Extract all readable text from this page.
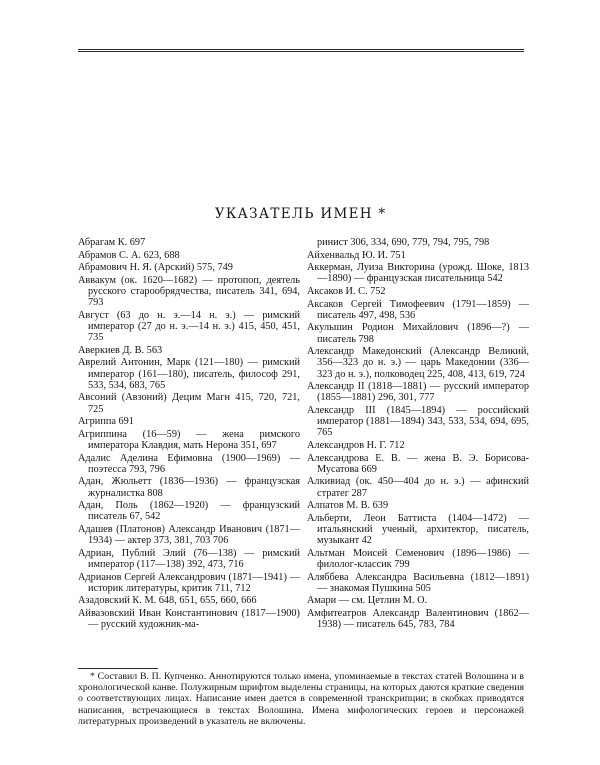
УКАЗАТЕЛЬ ИМЕН *
Абрагам К. 697
Абрамов С. А. 623, 688
Абрамович Н. Я. (Арский) 575, 749
Аввакум (ок. 1620—1682) — протопоп, деятель русского старообрядчества, писатель 341, 694, 793
Август (63 до н. э.—14 н. э.) — римский император (27 до н. э.—14 н. э.) 415, 450, 451, 735
Аверкиев Д. В. 563
Аврелий Антонин, Марк (121—180) — римский император (161—180), писатель, философ 291, 533, 534, 683, 765
Авсоний (Авзоний) Децим Магн 415, 720, 721, 725
Агриппа 691
Агриппина (16—59) — жена римского императора Клавдия, мать Нерона 351, 697
Адалис Аделина Ефимовна (1900—1969) — поэтесса 793, 796
Адан, Жюльетт (1836—1936) — французская журналистка 808
Адан, Поль (1862—1920) — французский писатель 67, 542
Адашев (Платонов) Александр Иванович (1871—1934) — актер 373, 381, 703 706
Адриан, Публий Элий (76—138) — римский император (117—138) 392, 473, 716
Адрианов Сергей Александрович (1871—1941) — историк литературы, критик 711, 712
Азадовский К. М. 648, 651, 655, 660, 666
Айвазовский Иван Константинович (1817—1900) — русский художник-ма-
ринист 306, 334, 690, 779, 794, 795, 798
Айхенвальд Ю. И. 751
Аккерман, Луиза Викторина (урожд. Шоке, 1813—1890) — французская писательница 542
Аксаков И. С. 752
Аксаков Сергей Тимофеевич (1791—1859) — писатель 497, 498, 536
Акульшин Родион Михайлович (1896—?) — писатель 798
Александр Македонский (Александр Великий, 356—323 до н. э.) — царь Македонии (336—323 до н. э.), полководец 225, 408, 413, 619, 724
Александр II (1818—1881) — русский император (1855—1881) 296, 301, 777
Александр III (1845—1894) — российский император (1881—1894) 343, 533, 534, 694, 695, 765
Александров Н. Г. 712
Александрова Е. В. — жена В. Э. Борисова-Мусатова 669
Алкивиад (ок. 450—404 до н. э.) — афинский стратег 287
Алпатов М. В. 639
Альберти, Леон Баттиста (1404—1472) — итальянский ученый, архитектор, писатель, музыкант 42
Альтман Моисей Семенович (1896—1986) — филолог-классик 799
Аляббева Александра Васильевна (1812—1891) — знакомая Пушкина 505
Амари — см. Цетлин М. О.
Амфитеатров Александр Валентинович (1862—1938) — писатель 645, 783, 784
* Составил В. П. Купченко. Аннотируются только имена, упоминаемые в текстах статей Волошина и в хронологической канве. Полужирным шрифтом выделены страницы, на которых даются краткие сведения о соответствующих лицах. Написание имен дается в современной транскрипции; в скобках приводятся написания, встречающиеся в текстах Волошина. Имена мифологических героев и персонажей литературных произведений в указатель не включены.
